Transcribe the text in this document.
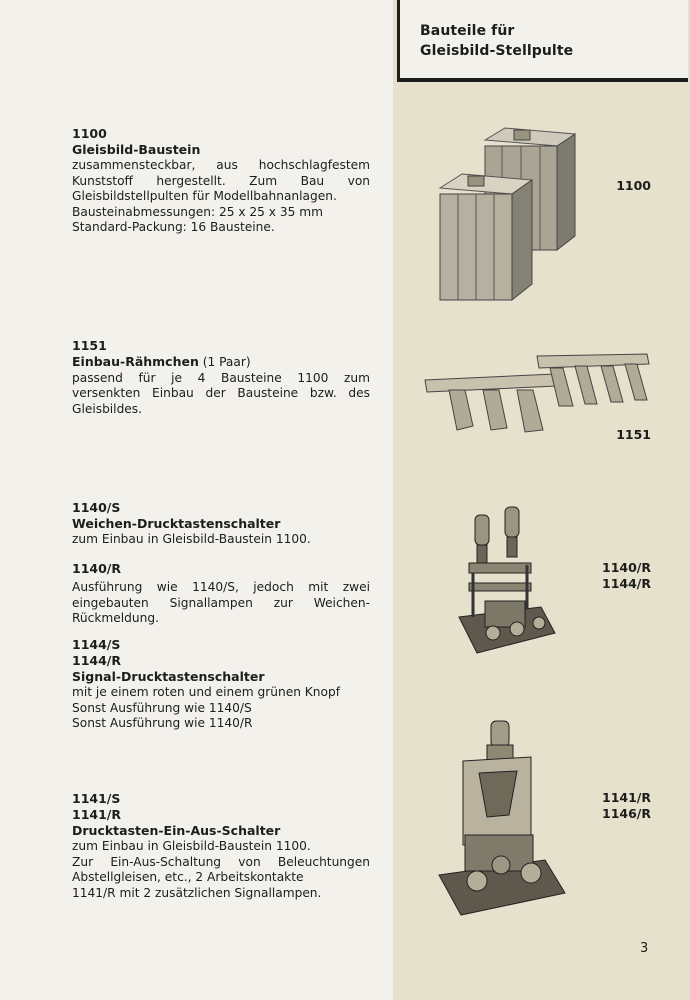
Bauteile für
Gleisbild-Stellpulte
1100
Gleisbild-Baustein
zusammensteckbar, aus hochschlagfestem Kunststoff hergestellt. Zum Bau von Gleisbildstellpulten für Modellbahnanlagen.
Bausteinabmessungen: 25 x 25 x 35 mm
Standard-Packung: 16 Bausteine.
1151
Einbau-Rähmchen (1 Paar)
passend für je 4 Bausteine 1100 zum versenkten Einbau der Bausteine bzw. des Gleisbildes.
1140/S
Weichen-Drucktastenschalter
zum Einbau in Gleisbild-Baustein 1100.
1140/R
Ausführung wie 1140/S, jedoch mit zwei eingebauten Signallampen zur Weichen-Rückmeldung.
1144/S
1144/R
Signal-Drucktastenschalter
mit je einem roten und einem grünen Knopf
Sonst Ausführung wie 1140/S
Sonst Ausführung wie 1140/R
1141/S
1141/R
Drucktasten-Ein-Aus-Schalter
zum Einbau in Gleisbild-Baustein 1100.
Zur Ein-Aus-Schaltung von Beleuchtungen Abstellgleisen, etc., 2 Arbeitskontakte
1141/R mit 2 zusätzlichen Signallampen.
1100
1151
1140/R
1144/R
1141/R
1146/R
3
